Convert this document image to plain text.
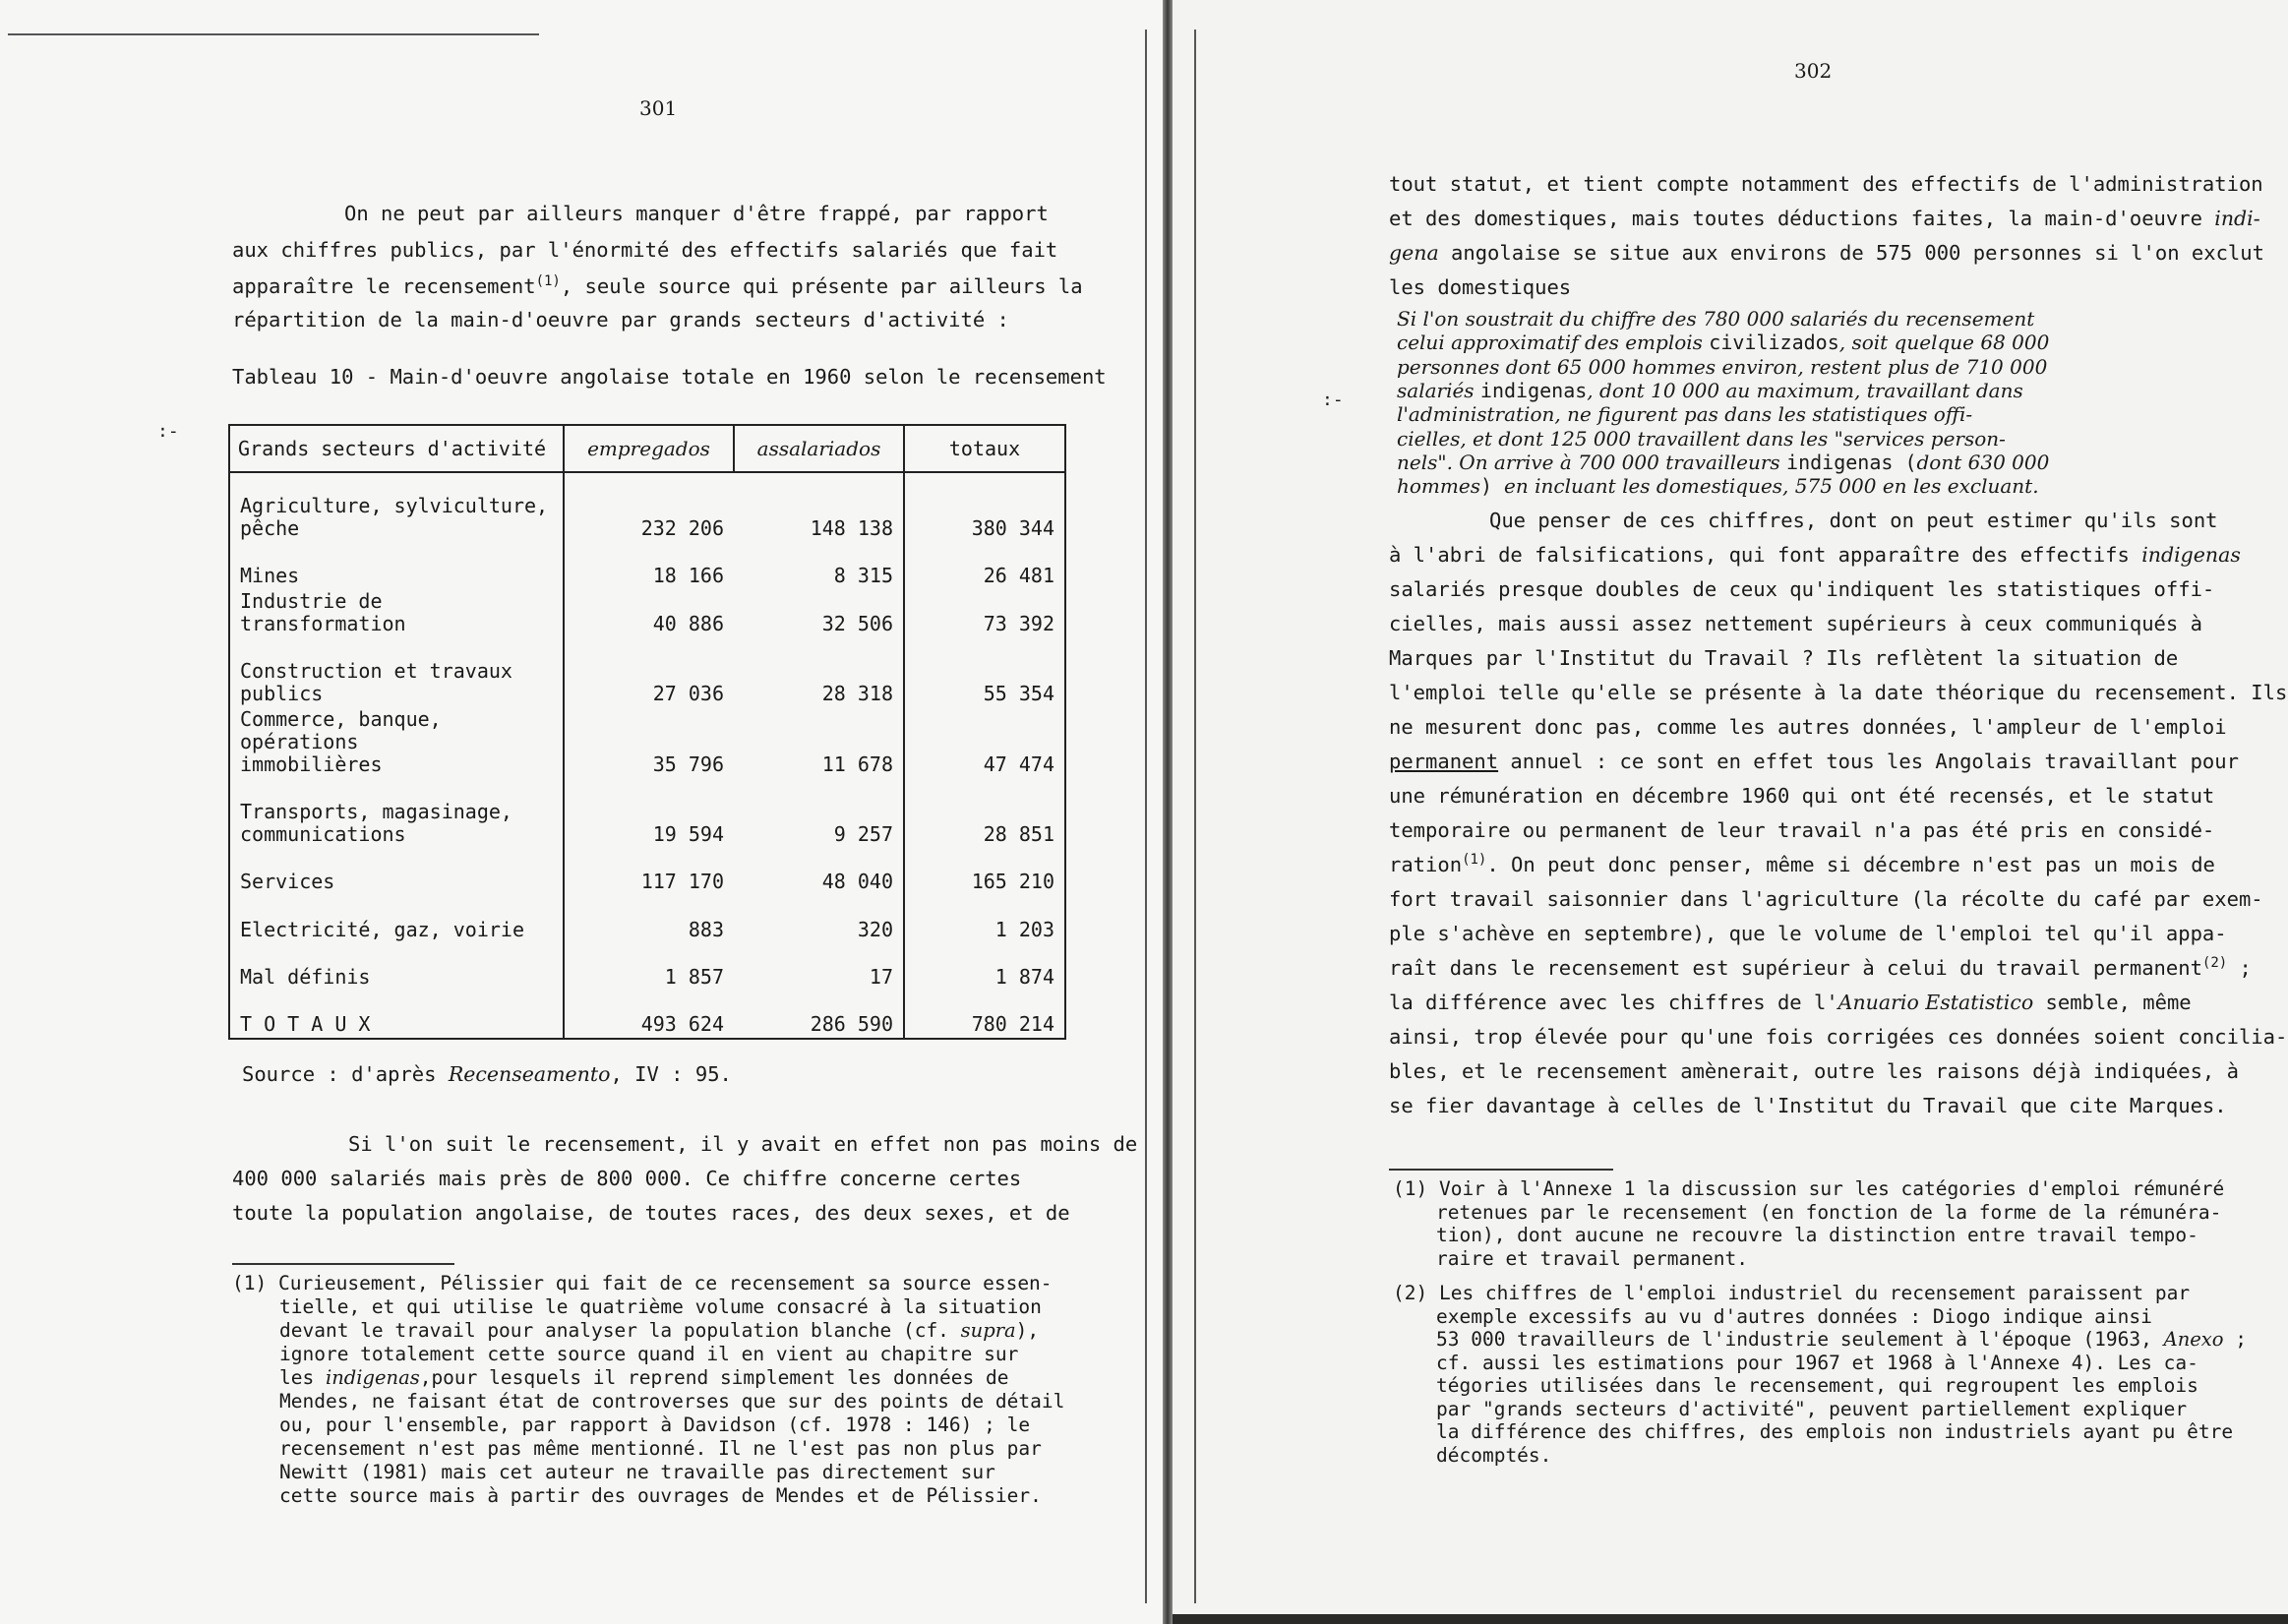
301
On ne peut par ailleurs manquer d'être frappé, par rapport
aux chiffres publics, par l'énormité des effectifs salariés que fait
apparaître le recensement$^{(1)}$, seule source qui présente par ailleurs la
répartition de la main-d'oeuvre par grands secteurs d'activité :
Tableau 10 - Main-d'oeuvre angolaise totale en 1960 selon le recensement
:-
Grands secteurs d'activité	empregados	assalariados	totaux

Agriculture, sylviculture,
pêche	232 206	148 138	380 344

Mines	18 166	8 315	26 481

Industrie de transformation	40 886	32 506	73 392

Construction et travaux
publics	27 036	28 318	55 354

Commerce, banque, opérations
immobilières	35 796	11 678	47 474

Transports, magasinage,
communications	19 594	9 257	28 851

Services	117 170	48 040	165 210

Electricité, gaz, voirie	883	320	1 203

Mal définis	1 857	17	1 874

T O T A U X	493 624	286 590	780 214
Source : d'après Recenseamento, IV : 95.
Si l'on suit le recensement, il y avait en effet non pas moins de
400 000 salariés mais près de 800 000. Ce chiffre concerne certes
toute la population angolaise, de toutes races, des deux sexes, et de
(1) Curieusement, Pélissier qui fait de ce recensement sa source essen-
tielle, et qui utilise le quatrième volume consacré à la situation
devant le travail pour analyser la population blanche (cf. supra),
ignore totalement cette source quand il en vient au chapitre sur
les indigenas,pour lesquels il reprend simplement les données de
Mendes, ne faisant état de controverses que sur des points de détail
ou, pour l'ensemble, par rapport à Davidson (cf. 1978 : 146) ; le
recensement n'est pas même mentionné. Il ne l'est pas non plus par
Newitt (1981) mais cet auteur ne travaille pas directement sur
cette source mais à partir des ouvrages de Mendes et de Pélissier.
302
:-
tout statut, et tient compte notamment des effectifs de l'administration
et des domestiques, mais toutes déductions faites, la main-d'oeuvre indi-
gena angolaise se situe aux environs de 575 000 personnes si l'on exclut
les domestiques
Si l'on soustrait du chiffre des 780 000 salariés du recensement
celui approximatif des emplois civilizados, soit quelque 68 000
personnes dont 65 000 hommes environ, restent plus de 710 000
salariés indigenas, dont 10 000 au maximum, travaillant dans
l'administration, ne figurent pas dans les statistiques offi-
cielles, et dont 125 000 travaillent dans les "services person-
nels". On arrive à 700 000 travailleurs indigenas (dont 630 000
hommes) en incluant les domestiques, 575 000 en les excluant.
Que penser de ces chiffres, dont on peut estimer qu'ils sont
à l'abri de falsifications, qui font apparaître des effectifs indigenas
salariés presque doubles de ceux qu'indiquent les statistiques offi-
cielles, mais aussi assez nettement supérieurs à ceux communiqués à
Marques par l'Institut du Travail ? Ils reflètent la situation de
l'emploi telle qu'elle se présente à la date théorique du recensement. Ils
ne mesurent donc pas, comme les autres données, l'ampleur de l'emploi
permanent annuel : ce sont en effet tous les Angolais travaillant pour
une rémunération en décembre 1960 qui ont été recensés, et le statut
temporaire ou permanent de leur travail n'a pas été pris en considé-
ration$^{(1)}$. On peut donc penser, même si décembre n'est pas un mois de
fort travail saisonnier dans l'agriculture (la récolte du café par exem-
ple s'achève en septembre), que le volume de l'emploi tel qu'il appa-
raît dans le recensement est supérieur à celui du travail permanent$^{(2)}$ ;
la différence avec les chiffres de l'Anuario Estatistico semble, même
ainsi, trop élevée pour qu'une fois corrigées ces données soient concilia-
bles, et le recensement amènerait, outre les raisons déjà indiquées, à
se fier davantage à celles de l'Institut du Travail que cite Marques.
(1) Voir à l'Annexe 1 la discussion sur les catégories d'emploi rémunéré
retenues par le recensement (en fonction de la forme de la rémunéra-
tion), dont aucune ne recouvre la distinction entre travail tempo-
raire et travail permanent.
(2) Les chiffres de l'emploi industriel du recensement paraissent par
exemple excessifs au vu d'autres données : Diogo indique ainsi
53 000 travailleurs de l'industrie seulement à l'époque (1963, Anexo ;
cf. aussi les estimations pour 1967 et 1968 à l'Annexe 4). Les ca-
tégories utilisées dans le recensement, qui regroupent les emplois
par "grands secteurs d'activité", peuvent partiellement expliquer
la différence des chiffres, des emplois non industriels ayant pu être
décomptés.
